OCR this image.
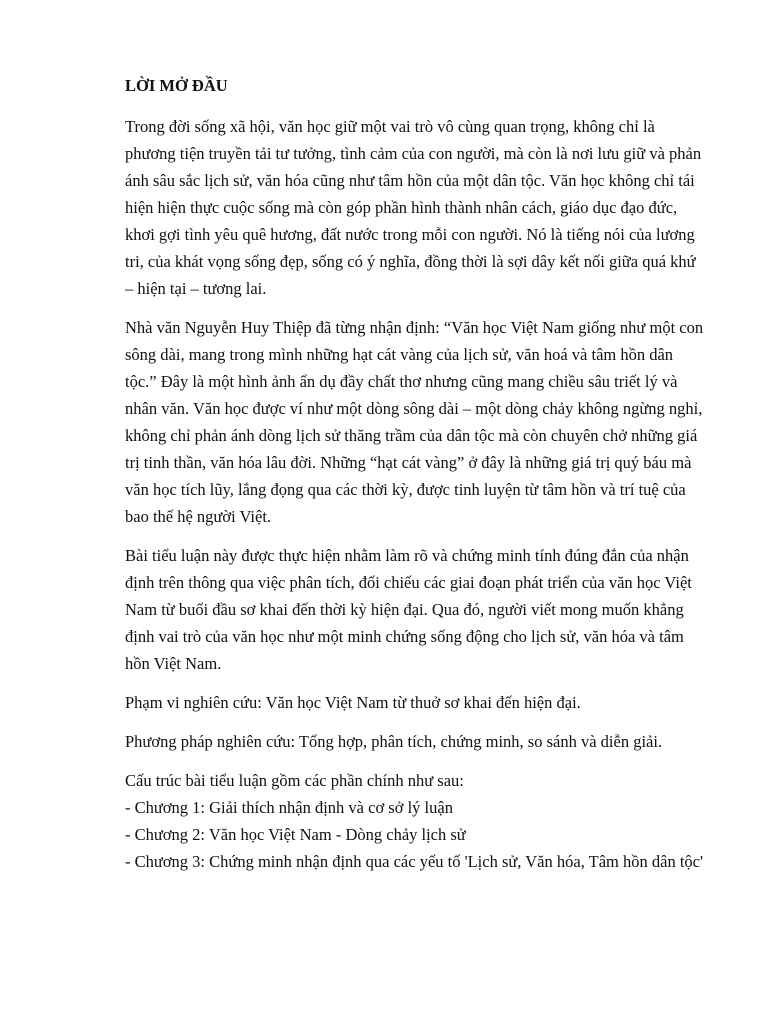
LỜI MỞ ĐẦU

Trong đời sống xã hội, văn học giữ một vai trò vô cùng quan trọng, không chỉ là phương tiện truyền tải tư tưởng, tình cảm của con người, mà còn là nơi lưu giữ và phản ánh sâu sắc lịch sử, văn hóa cũng như tâm hồn của một dân tộc. Văn học không chỉ tái hiện hiện thực cuộc sống mà còn góp phần hình thành nhân cách, giáo dục đạo đức, khơi gợi tình yêu quê hương, đất nước trong mỗi con người. Nó là tiếng nói của lương tri, của khát vọng sống đẹp, sống có ý nghĩa, đồng thời là sợi dây kết nối giữa quá khứ – hiện tại – tương lai.

Nhà văn Nguyễn Huy Thiệp đã từng nhận định: “Văn học Việt Nam giống như một con sông dài, mang trong mình những hạt cát vàng của lịch sử, văn hoá và tâm hồn dân tộc.” Đây là một hình ảnh ẩn dụ đầy chất thơ nhưng cũng mang chiều sâu triết lý và nhân văn. Văn học được ví như một dòng sông dài – một dòng chảy không ngừng nghỉ, không chỉ phản ánh dòng lịch sử thăng trầm của dân tộc mà còn chuyên chở những giá trị tinh thần, văn hóa lâu đời. Những “hạt cát vàng” ở đây là những giá trị quý báu mà văn học tích lũy, lắng đọng qua các thời kỳ, được tinh luyện từ tâm hồn và trí tuệ của bao thế hệ người Việt.

Bài tiểu luận này được thực hiện nhằm làm rõ và chứng minh tính đúng đắn của nhận định trên thông qua việc phân tích, đối chiếu các giai đoạn phát triển của văn học Việt Nam từ buổi đầu sơ khai đến thời kỳ hiện đại. Qua đó, người viết mong muốn khẳng định vai trò của văn học như một minh chứng sống động cho lịch sử, văn hóa và tâm hồn Việt Nam.

Phạm vi nghiên cứu: Văn học Việt Nam từ thuở sơ khai đến hiện đại.

Phương pháp nghiên cứu: Tổng hợp, phân tích, chứng minh, so sánh và diễn giải.

Cấu trúc bài tiểu luận gồm các phần chính như sau:
- Chương 1: Giải thích nhận định và cơ sở lý luận
- Chương 2: Văn học Việt Nam - Dòng chảy lịch sử
- Chương 3: Chứng minh nhận định qua các yếu tố 'Lịch sử, Văn hóa, Tâm hồn dân tộc'
